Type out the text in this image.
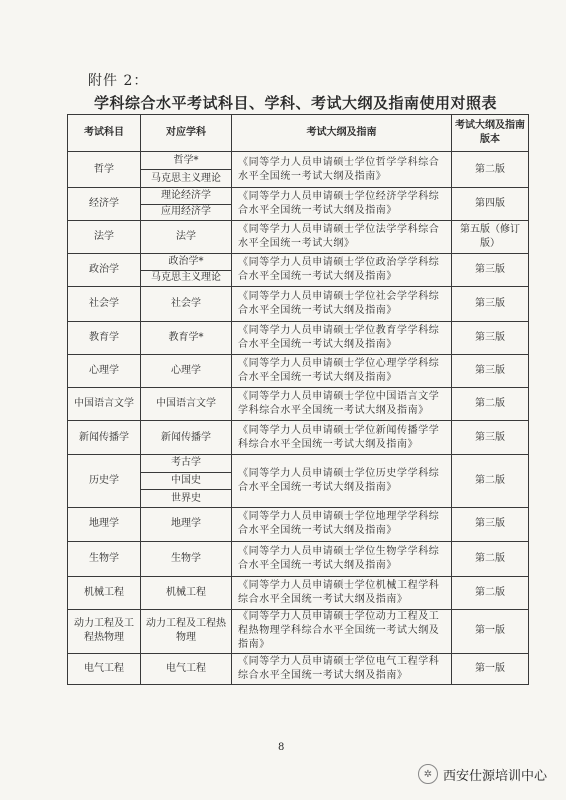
附件 2：
学科综合水平考试科目、学科、考试大纲及指南使用对照表
考试科目	对应学科	考试大纲及指南	考试大纲及指南版本
哲学	哲学*	《同等学力人员申请硕士学位哲学学科综合水平全国统一考试大纲及指南》	第二版
	马克思主义理论		
经济学	理论经济学	《同等学力人员申请硕士学位经济学学科综合水平全国统一考试大纲及指南》	第四版
	应用经济学		
法学	法学	《同等学力人员申请硕士学位法学学科综合水平全国统一考试大纲》	第五版（修订版）
政治学	政治学*	《同等学力人员申请硕士学位政治学学科综合水平全国统一考试大纲及指南》	第三版
	马克思主义理论		
社会学	社会学	《同等学力人员申请硕士学位社会学学科综合水平全国统一考试大纲及指南》	第三版
教育学	教育学*	《同等学力人员申请硕士学位教育学学科综合水平全国统一考试大纲及指南》	第三版
心理学	心理学	《同等学力人员申请硕士学位心理学学科综合水平全国统一考试大纲及指南》	第三版
中国语言文学	中国语言文学	《同等学力人员申请硕士学位中国语言文学学科综合水平全国统一考试大纲及指南》	第二版
新闻传播学	新闻传播学	《同等学力人员申请硕士学位新闻传播学学科综合水平全国统一考试大纲及指南》	第三版
历史学	考古学	《同等学力人员申请硕士学位历史学学科综合水平全国统一考试大纲及指南》	第二版
	中国史		
	世界史		
地理学	地理学	《同等学力人员申请硕士学位地理学学科综合水平全国统一考试大纲及指南》	第三版
生物学	生物学	《同等学力人员申请硕士学位生物学学科综合水平全国统一考试大纲及指南》	第二版
机械工程	机械工程	《同等学力人员申请硕士学位机械工程学科综合水平全国统一考试大纲及指南》	第二版
动力工程及工程热物理	动力工程及工程热物理	《同等学力人员申请硕士学位动力工程及工程热物理学科综合水平全国统一考试大纲及指南》	第一版
电气工程	电气工程	《同等学力人员申请硕士学位电气工程学科综合水平全国统一考试大纲及指南》	第一版
8
✲ 西安仕源培训中心
